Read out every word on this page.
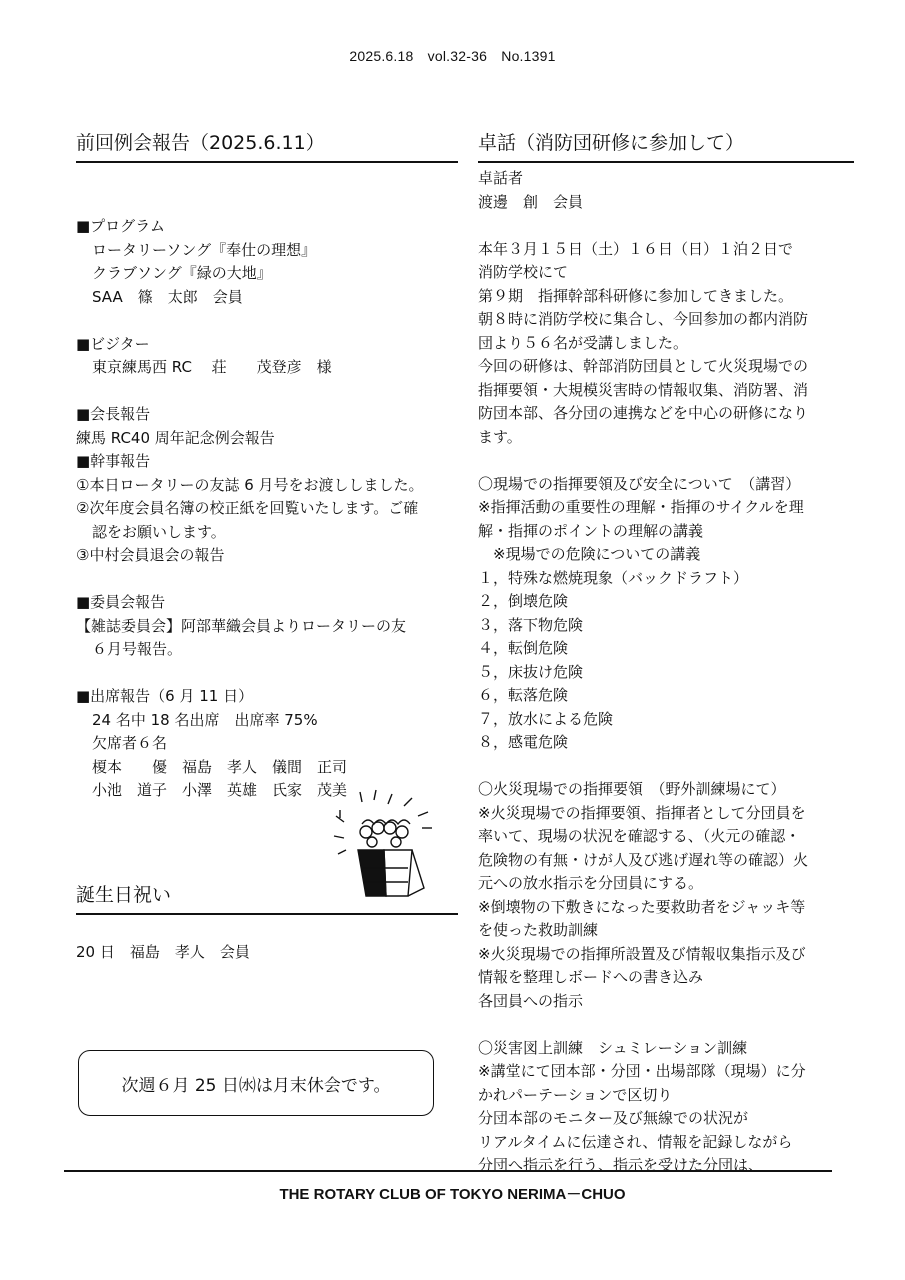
2025.6.18　vol.32-36　No.1391
前回例会報告（2025.6.11）
■プログラム
ロータリーソング『奉仕の理想』
クラブソング『緑の大地』
SAA　篠　太郎　会員
■ビジター
東京練馬西 RC　 荘　　茂登彦　様
■会長報告
練馬 RC40 周年記念例会報告
■幹事報告
①本日ロータリーの友誌 6 月号をお渡ししました。
②次年度会員名簿の校正紙を回覧いたします。ご確
認をお願いします。
③中村会員退会の報告
■委員会報告
【雑誌委員会】阿部華織会員よりロータリーの友
６月号報告。
■出席報告（6 月 11 日）
24 名中 18 名出席　出席率 75%
欠席者６名
榎本　　優　福島　孝人　儀間　正司
小池　道子　小澤　英雄　氏家　茂美
誕生日祝い
20 日　福島　孝人　会員
次週６月 25 日㈬は月末休会です。
卓話（消防団研修に参加して）
卓話者
渡邊　創　会員
本年３月１５日（土）１６日（日）１泊２日で
消防学校にて
第９期　指揮幹部科研修に参加してきました。
朝８時に消防学校に集合し、今回参加の都内消防
団より５６名が受講しました。
今回の研修は、幹部消防団員として火災現場での
指揮要領・大規模災害時の情報収集、消防署、消
防団本部、各分団の連携などを中心の研修になり
ます。
〇現場での指揮要領及び安全について　（講習）
※指揮活動の重要性の理解・指揮のサイクルを理
解・指揮のポイントの理解の講義
　※現場での危険についての講義
１，特殊な燃焼現象（バックドラフト）
２，倒壊危険
３，落下物危険
４，転倒危険
５，床抜け危険
６，転落危険
７，放水による危険
８，感電危険
〇火災現場での指揮要領　（野外訓練場にて）
※火災現場での指揮要領、指揮者として分団員を
率いて、現場の状況を確認する、（火元の確認・
危険物の有無・けが人及び逃げ遅れ等の確認）火
元への放水指示を分団員にする。
※倒壊物の下敷きになった要救助者をジャッキ等
を使った救助訓練
※火災現場での指揮所設置及び情報収集指示及び
情報を整理しボードへの書き込み
各団員への指示
〇災害図上訓練　シュミレーション訓練
※講堂にて団本部・分団・出場部隊（現場）に分
かれパーテーションで区切り
分団本部のモニター及び無線での状況が
リアルタイムに伝達され、情報を記録しながら
分団へ指示を行う、指示を受けた分団は、
THE ROTARY CLUB OF TOKYO NERIMA－CHUO
